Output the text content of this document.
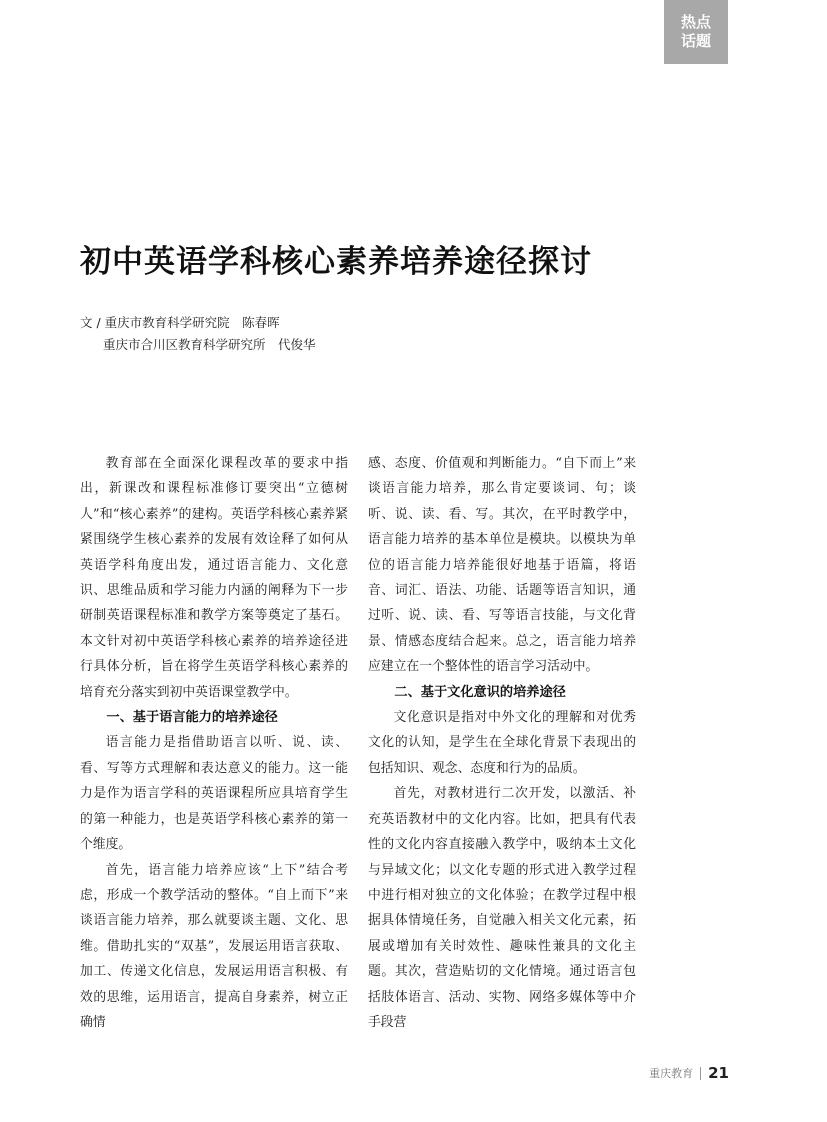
热点
话题
初中英语学科核心素养培养途径探讨
文 / 重庆市教育科学研究院　陈春晖
重庆市合川区教育科学研究所　代俊华

教育部在全面深化课程改革的要求中指出，新课改和课程标准修订要突出“立德树人”和“核心素养”的建构。英语学科核心素养紧紧围绕学生核心素养的发展有效诠释了如何从英语学科角度出发，通过语言能力、文化意识、思维品质和学习能力内涵的阐释为下一步研制英语课程标准和教学方案等奠定了基石。本文针对初中英语学科核心素养的培养途径进行具体分析，旨在将学生英语学科核心素养的培育充分落实到初中英语课堂教学中。

一、基于语言能力的培养途径

语言能力是指借助语言以听、说、读、看、写等方式理解和表达意义的能力。这一能力是作为语言学科的英语课程所应具培育学生的第一种能力，也是英语学科核心素养的第一个维度。

首先，语言能力培养应该“上下”结合考虑，形成一个教学活动的整体。“自上而下”来谈语言能力培养，那么就要谈主题、文化、思维。借助扎实的“双基”，发展运用语言获取、加工、传递文化信息，发展运用语言积极、有效的思维，运用语言，提高自身素养，树立正确情

感、态度、价值观和判断能力。“自下而上”来谈语言能力培养，那么肯定要谈词、句；谈听、说、读、看、写。其次，在平时教学中，语言能力培养的基本单位是模块。以模块为单位的语言能力培养能很好地基于语篇，将语音、词汇、语法、功能、话题等语言知识，通过听、说、读、看、写等语言技能，与文化背景、情感态度结合起来。总之，语言能力培养应建立在一个整体性的语言学习活动中。

二、基于文化意识的培养途径

文化意识是指对中外文化的理解和对优秀文化的认知，是学生在全球化背景下表现出的包括知识、观念、态度和行为的品质。

首先，对教材进行二次开发，以激活、补充英语教材中的文化内容。比如，把具有代表性的文化内容直接融入教学中，吸纳本土文化与异域文化；以文化专题的形式进入教学过程中进行相对独立的文化体验；在教学过程中根据具体情境任务，自觉融入相关文化元素，拓展或增加有关时效性、趣味性兼具的文化主题。其次，营造贴切的文化情境。通过语言包括肢体语言、活动、实物、网络多媒体等中介手段营

重庆教育 21
